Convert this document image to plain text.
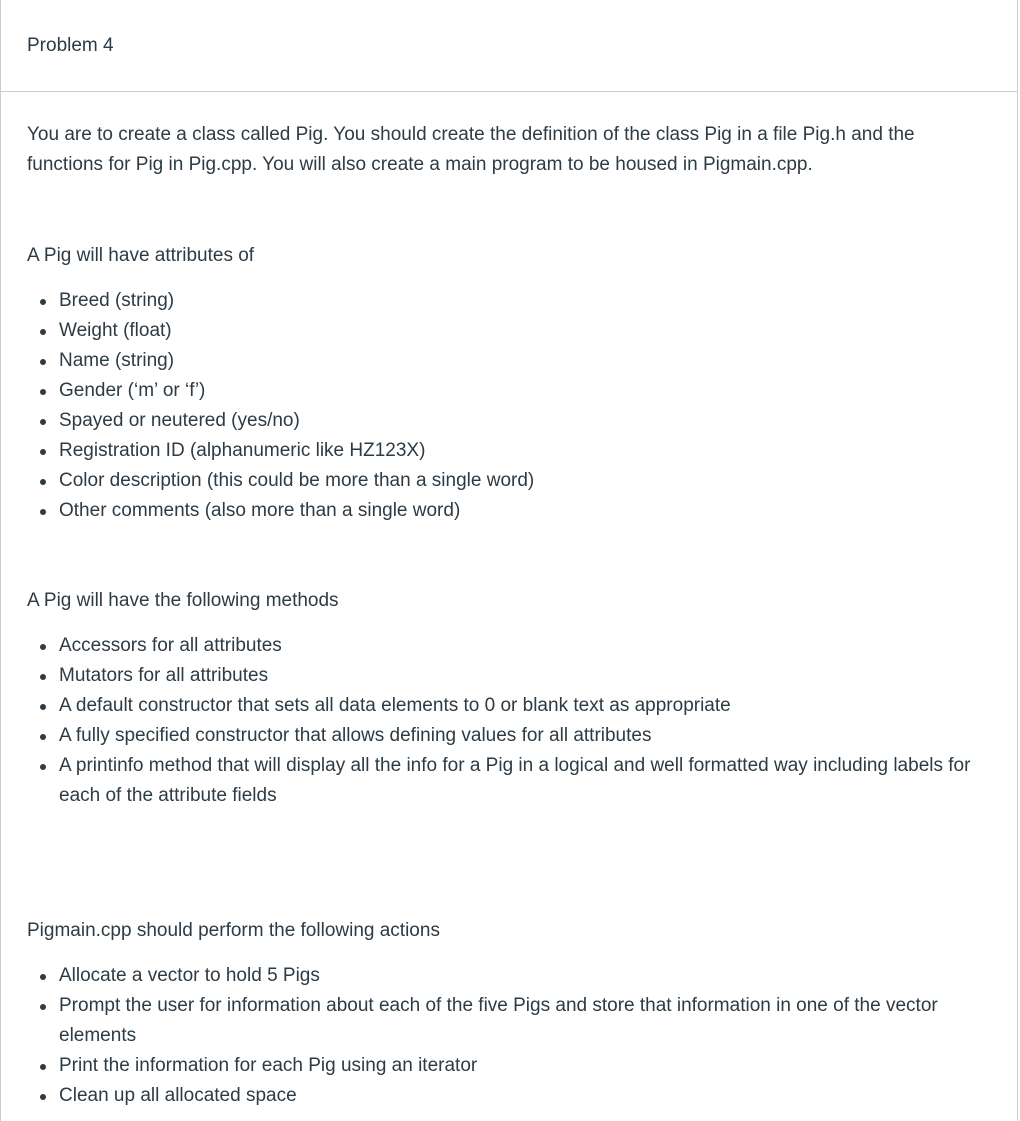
Problem 4

You are to create a class called Pig. You should create the definition of the class Pig in a file Pig.h and the functions for Pig in Pig.cpp. You will also create a main program to be housed in Pigmain.cpp.

A Pig will have attributes of

Breed (string)
Weight (float)
Name (string)
Gender (‘m’ or ‘f’)
Spayed or neutered (yes/no)
Registration ID (alphanumeric like HZ123X)
Color description (this could be more than a single word)
Other comments (also more than a single word)

A Pig will have the following methods

Accessors for all attributes
Mutators for all attributes
A default constructor that sets all data elements to 0 or blank text as appropriate
A fully specified constructor that allows defining values for all attributes
A printinfo method that will display all the info for a Pig in a logical and well formatted way including labels for each of the attribute fields

Pigmain.cpp should perform the following actions

Allocate a vector to hold 5 Pigs
Prompt the user for information about each of the five Pigs and store that information in one of the vector elements
Print the information for each Pig using an iterator
Clean up all allocated space
